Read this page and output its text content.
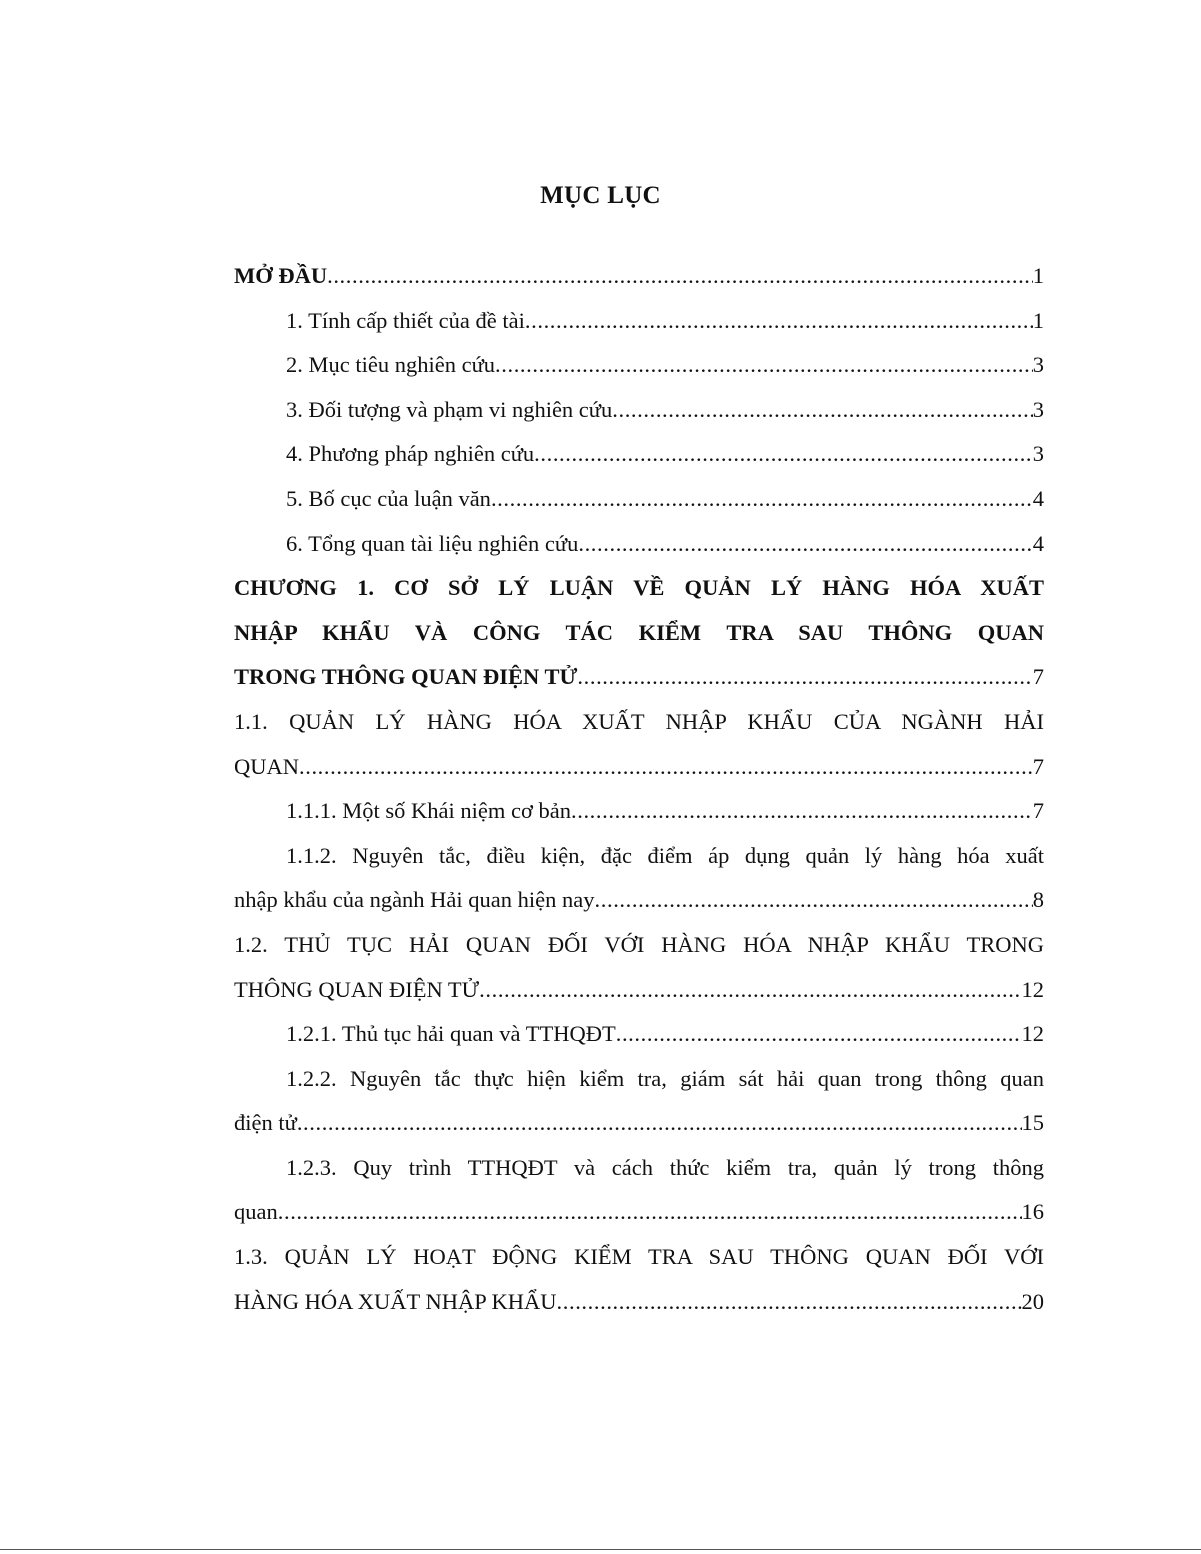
MỤC LỤC
MỞ ĐẦU .....	1
1. Tính cấp thiết của đề tài .....	1
2. Mục tiêu nghiên cứu .....	3
3. Đối tượng và phạm vi nghiên cứu .....	3
4. Phương pháp nghiên cứu .....	3
5. Bố cục của luận văn .....	4
6. Tổng quan tài liệu nghiên cứu .....	4
CHƯƠNG 1. CƠ SỞ LÝ LUẬN VỀ QUẢN LÝ HÀNG HÓA XUẤT
NHẬP KHẨU VÀ CÔNG TÁC KIỂM TRA SAU THÔNG QUAN
TRONG THÔNG QUAN ĐIỆN TỬ .....	7
1.1. QUẢN LÝ HÀNG HÓA XUẤT NHẬP KHẨU CỦA NGÀNH HẢI
QUAN .....	7
1.1.1. Một số Khái niệm cơ bản .....	7
1.1.2. Nguyên tắc, điều kiện, đặc điểm áp dụng quản lý hàng hóa xuất
nhập khẩu của ngành Hải quan hiện nay .....	8
1.2. THỦ TỤC HẢI QUAN ĐỐI VỚI HÀNG HÓA NHẬP KHẨU TRONG
THÔNG QUAN ĐIỆN TỬ .....	12
1.2.1. Thủ tục hải quan và TTHQĐT .....	12
1.2.2. Nguyên tắc thực hiện kiểm tra, giám sát hải quan trong thông quan
điện tử .....	15
1.2.3. Quy trình TTHQĐT và cách thức kiểm tra, quản lý trong thông
quan .....	16
1.3. QUẢN LÝ HOẠT ĐỘNG KIỂM TRA SAU THÔNG QUAN ĐỐI VỚI
HÀNG HÓA XUẤT NHẬP KHẨU .....	20
